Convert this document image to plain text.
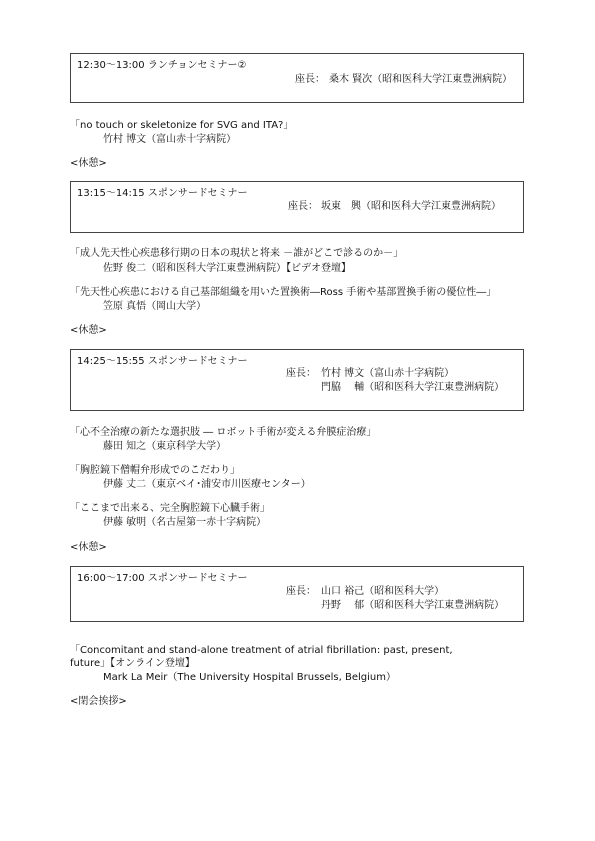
12:30～13:00 ランチョンセミナー②
座長： 桑木 賢次（昭和医科大学江東豊洲病院）
「no touch or skeletonize for SVG and ITA?」
竹村 博文（富山赤十字病院）
<休憩>
13:15～14:15 スポンサードセミナー
座長： 坂東　興（昭和医科大学江東豊洲病院）
「成人先天性心疾患移行期の日本の現状と将来 －誰がどこで診るのか－」
佐野 俊二（昭和医科大学江東豊洲病院）【ビデオ登壇】
「先天性心疾患における自己基部組織を用いた置換術―Ross 手術や基部置換手術の優位性―」
笠原 真悟（岡山大学）
<休憩>
14:25～15:55 スポンサードセミナー
座長： 竹村 博文（富山赤十字病院）
門脇　 輔（昭和医科大学江東豊洲病院）
「心不全治療の新たな選択肢 ― ロボット手術が変える弁膜症治療」
藤田 知之（東京科学大学）
「胸腔鏡下僧帽弁形成でのこだわり」
伊藤 丈二（東京ベイ･浦安市川医療センター）
「ここまで出来る、完全胸腔鏡下心臓手術」
伊藤 敏明（名古屋第一赤十字病院）
<休憩>
16:00～17:00 スポンサードセミナー
座長： 山口 裕己（昭和医科大学）
丹野 　郁（昭和医科大学江東豊洲病院）
「Concomitant and stand-alone treatment of atrial fibrillation: past, present,
future」【オンライン登壇】
Mark La Meir（The University Hospital Brussels, Belgium）
<閉会挨拶>
